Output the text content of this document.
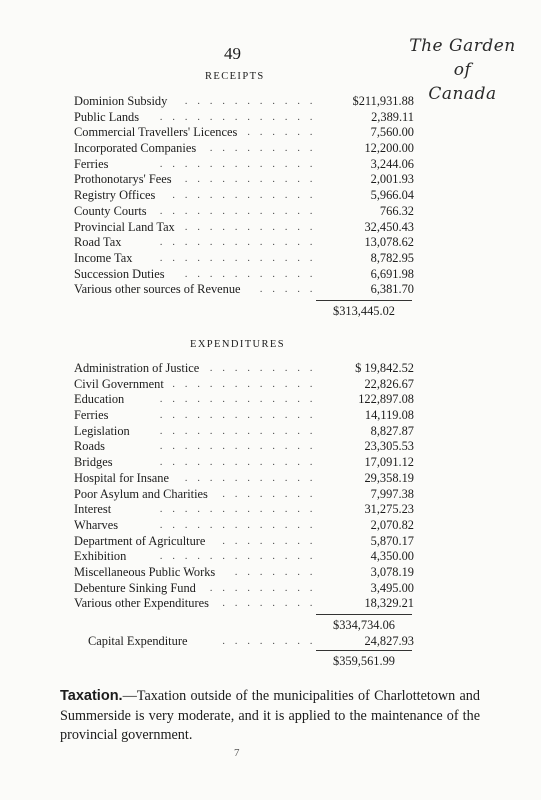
49	The Garden of
Canada
RECEIPTS
Dominion Subsidy . . . . . . . . . . .	$211,931.88
Public Lands . . . . . . . . . . . . .	2,389.11
Commercial Travellers' Licences . . . . . .	7,560.00
Incorporated Companies . . . . . . . . .	12,200.00
Ferries	. . . . . . . . . . . . .	3,244.06
Prothonotarys' Fees . . . . . . . . . . .	2,001.93
Registry Offices . . . . . . . . . . . .	5,966.04
County Courts . . . . . . . . . . . . .	766.32
Provincial Land Tax . . . . . . . . . . .	32,450.43
Road Tax	. . . . . . . . . . . . .	13,078.62
Income Tax . . . . . . . . . . . . .	8,782.95
Succession Duties . . . . . . . . . . .	6,691.98
Various other sources of Revenue . . . . .	6,381.70
$313,445.02
EXPENDITURES
Administration of Justice . . . . . . . . .	$ 19,842.52
Civil Government . . . . . . . . . . . .	22,826.67
Education	. . . . . . . . . . . . .	122,897.08
Ferries	. . . . . . . . . . . . .	14,119.08
Legislation	. . . . . . . . . . . . .	8,827.87
Roads	. . . . . . . . . . . . .	23,305.53
Bridges	. . . . . . . . . . . . .	17,091.12
Hospital for Insane . . . . . . . . . . .	29,358.19
Poor Asylum and Charities . . . . . . . .	7,997.38
Interest	. . . . . . . . . . . . .	31,275.23
Wharves	. . . . . . . . . . . . .	2,070.82
Department of Agriculture . . . . . . . .	5,870.17
Exhibition	. . . . . . . . . . . . .	4,350.00
Miscellaneous Public Works . . . . . . .	3,078.19
Debenture Sinking Fund . . . . . . . . .	3,495.00
Various other Expenditures . . . . . . . .	18,329.21
$334,734.06
Capital Expenditure	. . . . . . . .	24,827.93
$359,561.99
Taxation.—Taxation outside of the municipalities of Charlottetown and Summerside is very moderate, and it is applied to the maintenance of the provincial government.
7
